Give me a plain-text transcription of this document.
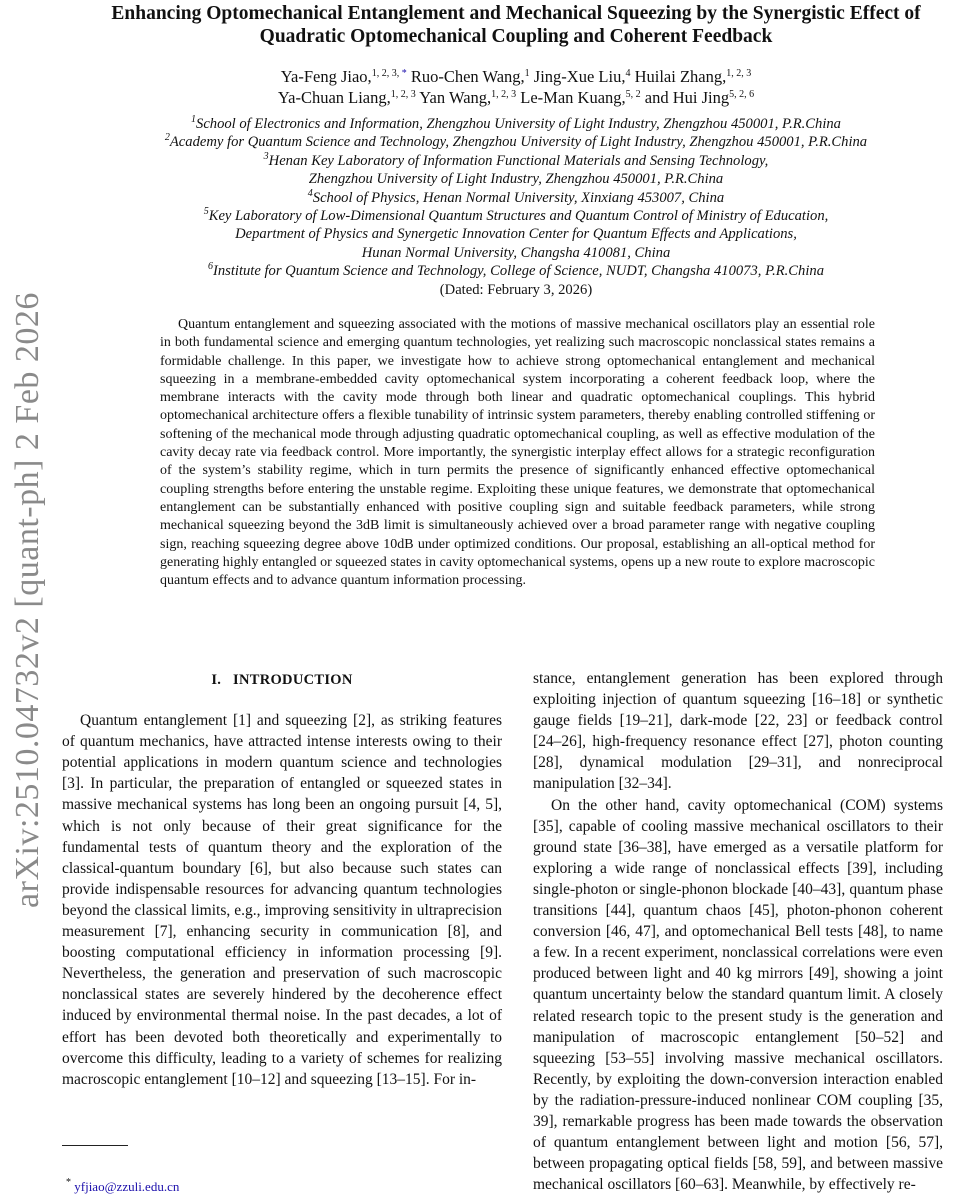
arXiv:2510.04732v2 [quant-ph] 2 Feb 2026
Enhancing Optomechanical Entanglement and Mechanical Squeezing by the Synergistic Effect of
Quadratic Optomechanical Coupling and Coherent Feedback
Ya-Feng Jiao,$^{1, 2, 3, *}$ Ruo-Chen Wang,$^1$ Jing-Xue Liu,$^4$ Huilai Zhang,$^{1, 2, 3}$
Ya-Chuan Liang,$^{1, 2, 3}$ Yan Wang,$^{1, 2, 3}$ Le-Man Kuang,$^{5, 2}$ and Hui Jing$^{5, 2, 6}$
$^1$School of Electronics and Information, Zhengzhou University of Light Industry, Zhengzhou 450001, P.R.China
$^2$Academy for Quantum Science and Technology, Zhengzhou University of Light Industry, Zhengzhou 450001, P.R.China
$^3$Henan Key Laboratory of Information Functional Materials and Sensing Technology,
Zhengzhou University of Light Industry, Zhengzhou 450001, P.R.China
$^4$School of Physics, Henan Normal University, Xinxiang 453007, China
$^5$Key Laboratory of Low-Dimensional Quantum Structures and Quantum Control of Ministry of Education,
Department of Physics and Synergetic Innovation Center for Quantum Effects and Applications,
Hunan Normal University, Changsha 410081, China
$^6$Institute for Quantum Science and Technology, College of Science, NUDT, Changsha 410073, P.R.China
(Dated: February 3, 2026)

Quantum entanglement and squeezing associated with the motions of massive mechanical oscillators play an essential role in both fundamental science and emerging quantum technologies, yet realizing such macroscopic nonclassical states remains a formidable challenge. In this paper, we investigate how to achieve strong optomechanical entanglement and mechanical squeezing in a membrane-embedded cavity optomechanical system incorporating a coherent feedback loop, where the membrane interacts with the cavity mode through both linear and quadratic optomechanical couplings. This hybrid optomechanical architecture offers a flexible tunability of intrinsic system parameters, thereby enabling controlled stiffening or softening of the mechanical mode through adjusting quadratic optomechanical coupling, as well as effective modulation of the cavity decay rate via feedback control. More importantly, the synergistic interplay effect allows for a strategic reconfiguration of the system’s stability regime, which in turn permits the presence of significantly enhanced effective optomechanical coupling strengths before entering the unstable regime. Exploiting these unique features, we demonstrate that optomechanical entanglement can be substantially enhanced with positive coupling sign and suitable feedback parameters, while strong mechanical squeezing beyond the 3dB limit is simultaneously achieved over a broad parameter range with negative coupling sign, reaching squeezing degree above 10dB under optimized conditions. Our proposal, establishing an all-optical method for generating highly entangled or squeezed states in cavity optomechanical systems, opens up a new route to explore macroscopic quantum effects and to advance quantum information processing.

I. INTRODUCTION

Quantum entanglement [1] and squeezing [2], as striking features of quantum mechanics, have attracted intense interests owing to their potential applications in modern quantum science and technologies [3]. In particular, the preparation of entangled or squeezed states in massive mechanical systems has long been an ongoing pursuit [4, 5], which is not only because of their great significance for the fundamental tests of quantum theory and the exploration of the classical-quantum boundary [6], but also because such states can provide indispensable resources for advancing quantum technologies beyond the classical limits, e.g., improving sensitivity in ultraprecision measurement [7], enhancing security in communication [8], and boosting computational efficiency in information processing [9]. Nevertheless, the generation and preservation of such macroscopic nonclassical states are severely hindered by the decoherence effect induced by environmental thermal noise. In the past decades, a lot of effort has been devoted both theoretically and experimentally to overcome this difficulty, leading to a variety of schemes for realizing macroscopic entanglement [10–12] and squeezing [13–15]. For in-

stance, entanglement generation has been explored through exploiting injection of quantum squeezing [16–18] or synthetic gauge fields [19–21], dark-mode [22, 23] or feedback control [24–26], high-frequency resonance effect [27], photon counting [28], dynamical modulation [29–31], and nonreciprocal manipulation [32–34].

On the other hand, cavity optomechanical (COM) systems [35], capable of cooling massive mechanical oscillators to their ground state [36–38], have emerged as a versatile platform for exploring a wide range of nonclassical effects [39], including single-photon or single-phonon blockade [40–43], quantum phase transitions [44], quantum chaos [45], photon-phonon coherent conversion [46, 47], and optomechanical Bell tests [48], to name a few. In a recent experiment, nonclassical correlations were even produced between light and 40 kg mirrors [49], showing a joint quantum uncertainty below the standard quantum limit. A closely related research topic to the present study is the generation and manipulation of macroscopic entanglement [50–52] and squeezing [53–55] involving massive mechanical oscillators. Recently, by exploiting the down-conversion interaction enabled by the radiation-pressure-induced nonlinear COM coupling [35, 39], remarkable progress has been made towards the observation of quantum entanglement between light and motion [56, 57], between propagating optical fields [58, 59], and between massive mechanical oscillators [60–63]. Meanwhile, by effectively re-

* yfjiao@zzuli.edu.cn
